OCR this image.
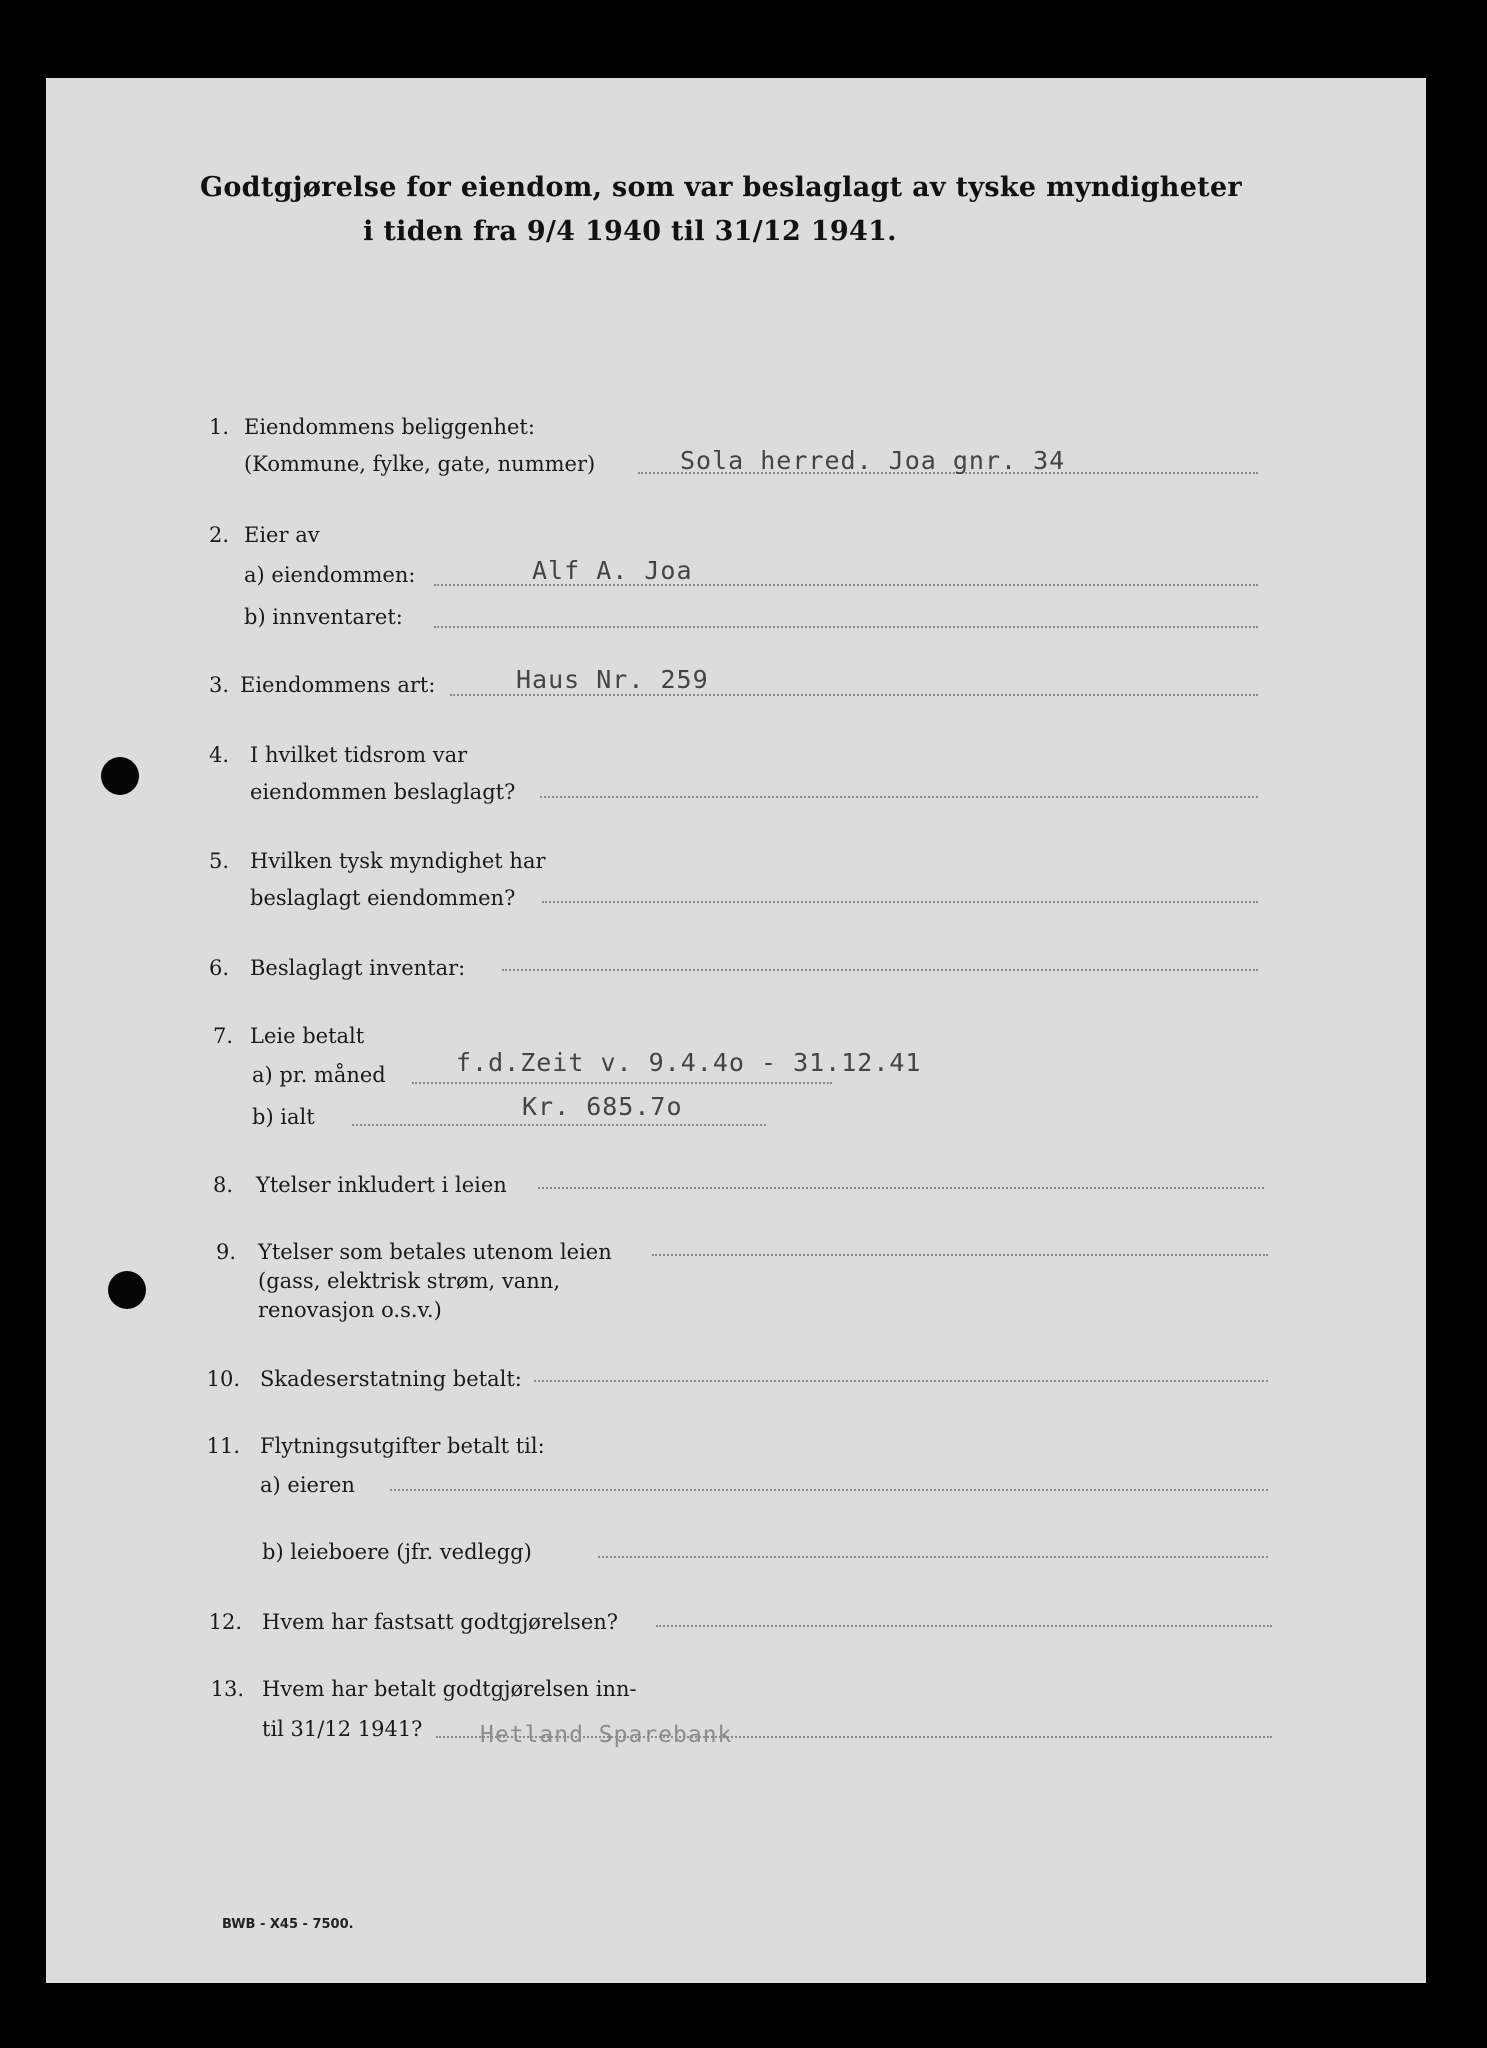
Godtgjørelse for eiendom, som var beslaglagt av tyske myndigheter
i tiden fra 9/4 1940 til 31/12 1941.
1. Eiendommens beliggenhet:
(Kommune, fylke, gate, nummer)	Sola herred. Joa gnr. 34
2. Eier av
a) eiendommen:	Alf A. Joa
b) innventaret:
3. Eiendommens art:	Haus Nr. 259
4. I hvilket tidsrom var
eiendommen beslaglagt?
5. Hvilken tysk myndighet har
beslaglagt eiendommen?
6. Beslaglagt inventar:
7. Leie betalt
a) pr. måned	f.d.Zeit v. 9.4.4o - 31.12.41
b) ialt	Kr. 685.7o
8. Ytelser inkludert i leien
9. Ytelser som betales utenom leien
(gass, elektrisk strøm, vann,
renovasjon o.s.v.)
10. Skadeserstatning betalt:
11. Flytningsutgifter betalt til:
a) eieren
b) leieboere (jfr. vedlegg)
12. Hvem har fastsatt godtgjørelsen?
13. Hvem har betalt godtgjørelsen inn-
til 31/12 1941?	Hetland Sparebank
BWB - X45 - 7500.
